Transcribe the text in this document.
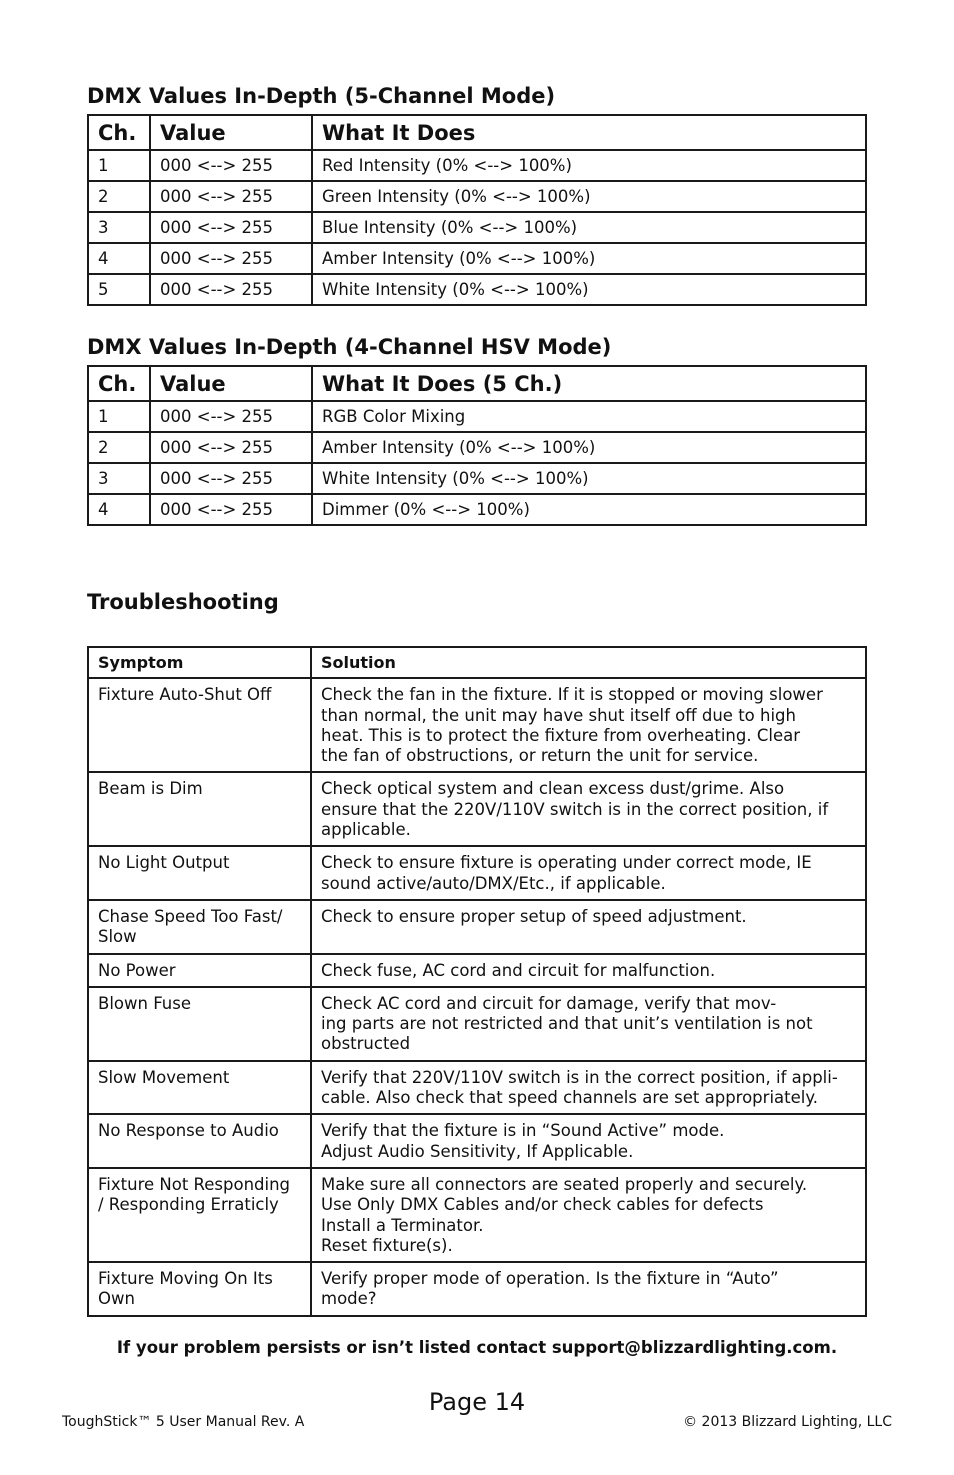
DMX Values In-Depth (5-Channel Mode)
Ch.	Value	What It Does
1	000 <--> 255	Red Intensity (0% <--> 100%)
2	000 <--> 255	Green Intensity (0% <--> 100%)
3	000 <--> 255	Blue Intensity (0% <--> 100%)
4	000 <--> 255	Amber Intensity (0% <--> 100%)
5	000 <--> 255	White Intensity (0% <--> 100%)
DMX Values In-Depth (4-Channel HSV Mode)
Ch.	Value	What It Does (5 Ch.)
1	000 <--> 255	RGB Color Mixing
2	000 <--> 255	Amber Intensity (0% <--> 100%)
3	000 <--> 255	White Intensity (0% <--> 100%)
4	000 <--> 255	Dimmer (0% <--> 100%)
Troubleshooting
Symptom	Solution

Fixture Auto-Shut Off	Check the fan in the fixture. If it is stopped or moving slower
than normal, the unit may have shut itself off due to high
heat. This is to protect the fixture from overheating. Clear
the fan of obstructions, or return the unit for service.

Beam is Dim	Check optical system and clean excess dust/grime. Also
ensure that the 220V/110V switch is in the correct position, if
applicable.

No Light Output	Check to ensure fixture is operating under correct mode, IE
sound active/auto/DMX/Etc., if applicable.

Chase Speed Too Fast/
Slow	Check to ensure proper setup of speed adjustment.

No Power	Check fuse, AC cord and circuit for malfunction.

Blown Fuse	Check AC cord and circuit for damage, verify that mov-
ing parts are not restricted and that unit’s ventilation is not
obstructed

Slow Movement	Verify that 220V/110V switch is in the correct position, if appli-
cable. Also check that speed channels are set appropriately.

No Response to Audio	Verify that the fixture is in “Sound Active” mode.
Adjust Audio Sensitivity, If Applicable.

Fixture Not Responding
/ Responding Erraticly	Make sure all connectors are seated properly and securely.
Use Only DMX Cables and/or check cables for defects
Install a Terminator.
Reset fixture(s).

Fixture Moving On Its
Own	Verify proper mode of operation. Is the fixture in “Auto”
mode?
If your problem persists or isn’t listed contact support@blizzardlighting.com.
Page 14
ToughStick™ 5 User Manual Rev. A	© 2013 Blizzard Lighting, LLC
